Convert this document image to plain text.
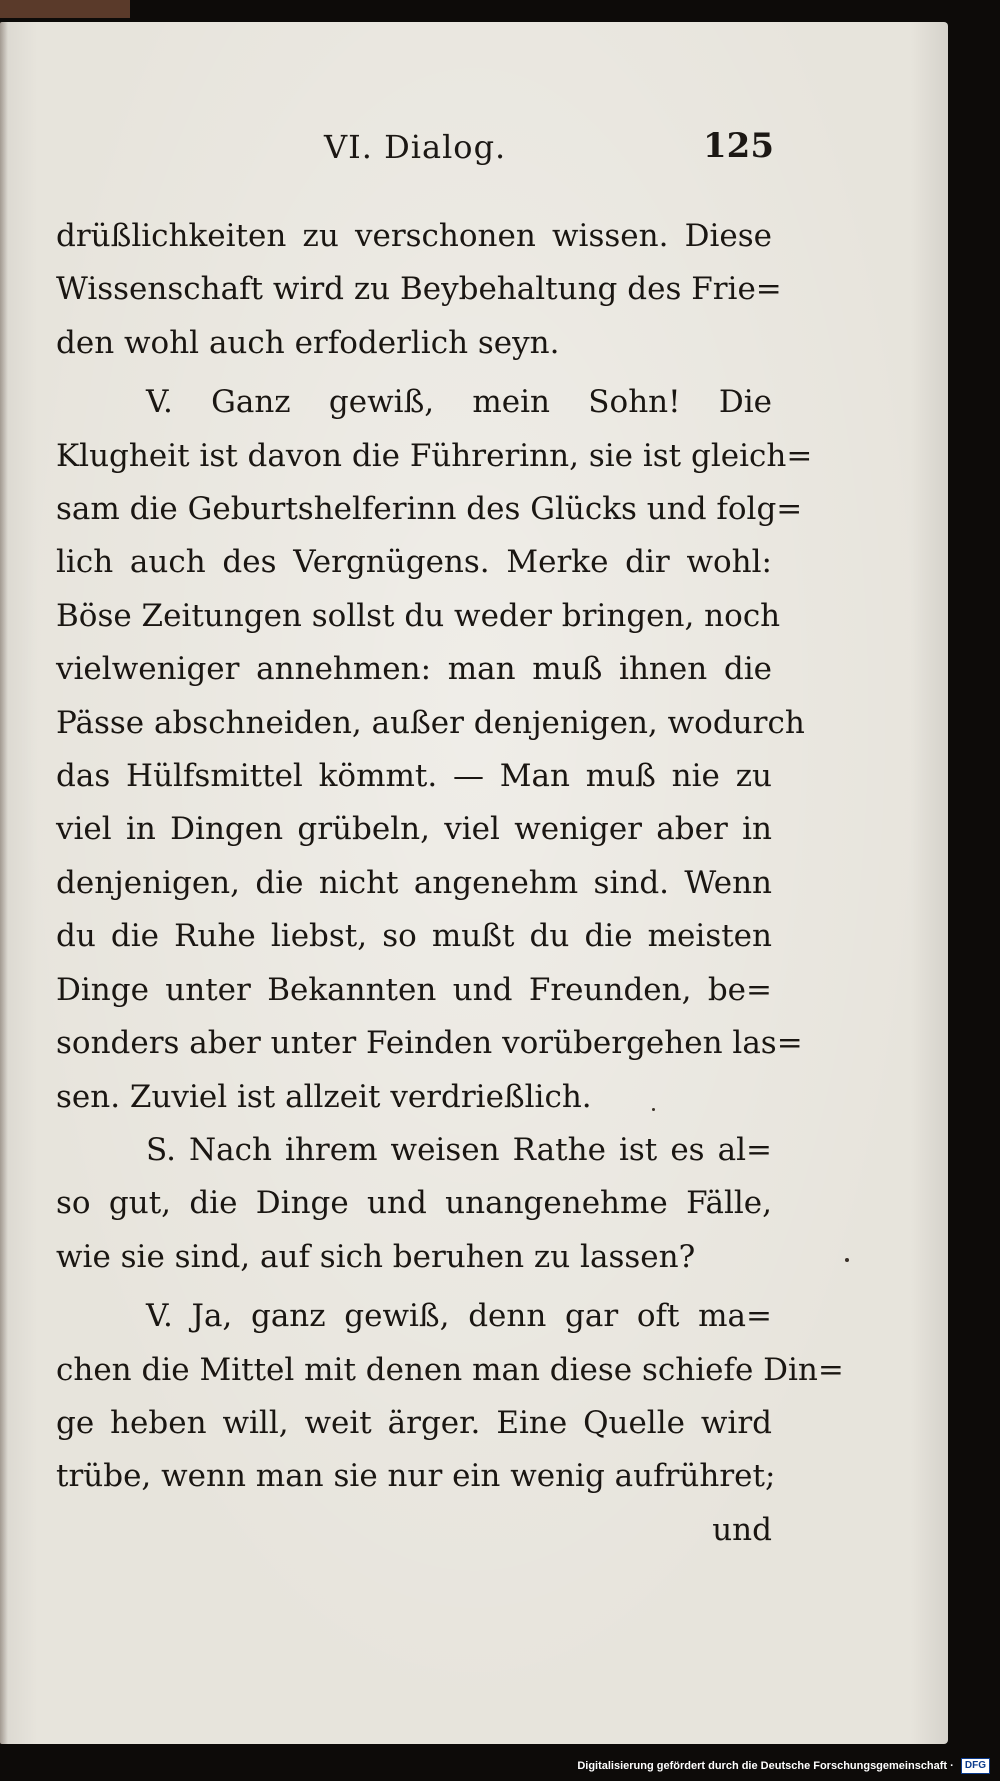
VI. Dialog.	125

drüßlichkeiten zu verschonen wissen. Diese
Wissenschaft wird zu Beybehaltung des Frie=
den wohl auch erfoderlich seyn.

V. Ganz gewiß, mein Sohn! Die
Klugheit ist davon die Führerinn, sie ist gleich=
sam die Geburtshelferinn des Glücks und folg=
lich auch des Vergnügens. Merke dir wohl:
Böse Zeitungen sollst du weder bringen, noch
vielweniger annehmen: man muß ihnen die
Pässe abschneiden, außer denjenigen, wodurch
das Hülfsmittel kömmt. — Man muß nie zu
viel in Dingen grübeln, viel weniger aber in
denjenigen, die nicht angenehm sind. Wenn
du die Ruhe liebst, so mußt du die meisten
Dinge unter Bekannten und Freunden, be=
sonders aber unter Feinden vorübergehen las=
sen. Zuviel ist allzeit verdrießlich.

S. Nach ihrem weisen Rathe ist es al=
so gut, die Dinge und unangenehme Fälle,
wie sie sind, auf sich beruhen zu lassen?

V. Ja, ganz gewiß, denn gar oft ma=
chen die Mittel mit denen man diese schiefe Din=
ge heben will, weit ärger. Eine Quelle wird
trübe, wenn man sie nur ein wenig aufrühret;

und
Digitalisierung gefördert durch die Deutsche Forschungsgemeinschaft · DFG
